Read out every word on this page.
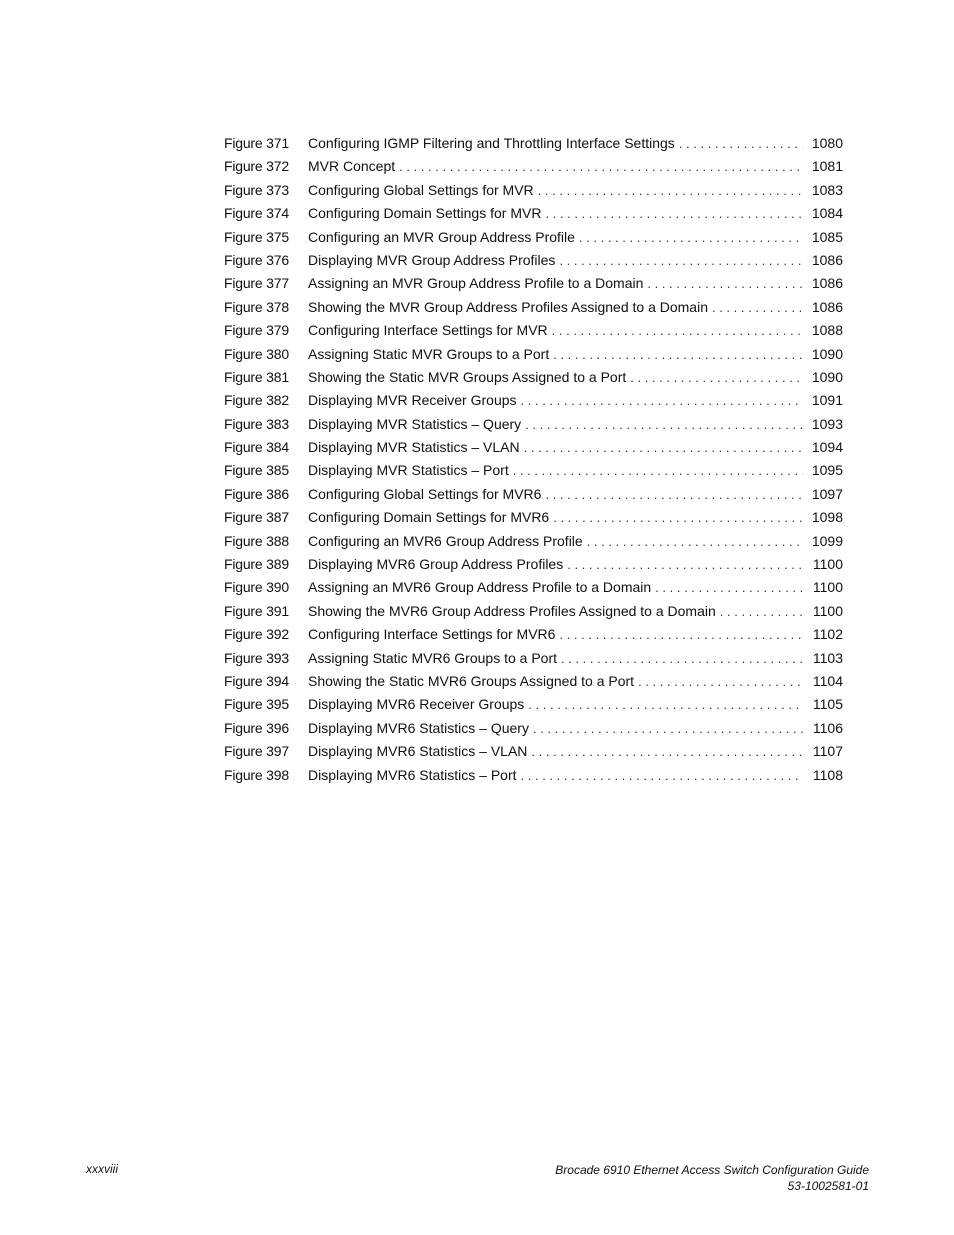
Figure 371	Configuring IGMP Filtering and Throttling Interface Settings . . .	1080
Figure 372	MVR Concept . . .	1081
Figure 373	Configuring Global Settings for MVR . . .	1083
Figure 374	Configuring Domain Settings for MVR . . .	1084
Figure 375	Configuring an MVR Group Address Profile . . .	1085
Figure 376	Displaying MVR Group Address Profiles . . .	1086
Figure 377	Assigning an MVR Group Address Profile to a Domain . . .	1086
Figure 378	Showing the MVR Group Address Profiles Assigned to a Domain . . .	1086
Figure 379	Configuring Interface Settings for MVR . . .	1088
Figure 380	Assigning Static MVR Groups to a Port . . .	1090
Figure 381	Showing the Static MVR Groups Assigned to a Port . . .	1090
Figure 382	Displaying MVR Receiver Groups . . .	1091
Figure 383	Displaying MVR Statistics – Query . . .	1093
Figure 384	Displaying MVR Statistics – VLAN . . .	1094
Figure 385	Displaying MVR Statistics – Port . . .	1095
Figure 386	Configuring Global Settings for MVR6 . . .	1097
Figure 387	Configuring Domain Settings for MVR6 . . .	1098
Figure 388	Configuring an MVR6 Group Address Profile . . .	1099
Figure 389	Displaying MVR6 Group Address Profiles . . .	1100
Figure 390	Assigning an MVR6 Group Address Profile to a Domain . . .	1100
Figure 391	Showing the MVR6 Group Address Profiles Assigned to a Domain . . .	1100
Figure 392	Configuring Interface Settings for MVR6 . . .	1102
Figure 393	Assigning Static MVR6 Groups to a Port . . .	1103
Figure 394	Showing the Static MVR6 Groups Assigned to a Port . . .	1104
Figure 395	Displaying MVR6 Receiver Groups . . .	1105
Figure 396	Displaying MVR6 Statistics – Query . . .	1106
Figure 397	Displaying MVR6 Statistics – VLAN . . .	1107
Figure 398	Displaying MVR6 Statistics – Port . . .	1108
xxxviii	Brocade 6910 Ethernet Access Switch Configuration Guide
53-1002581-01
